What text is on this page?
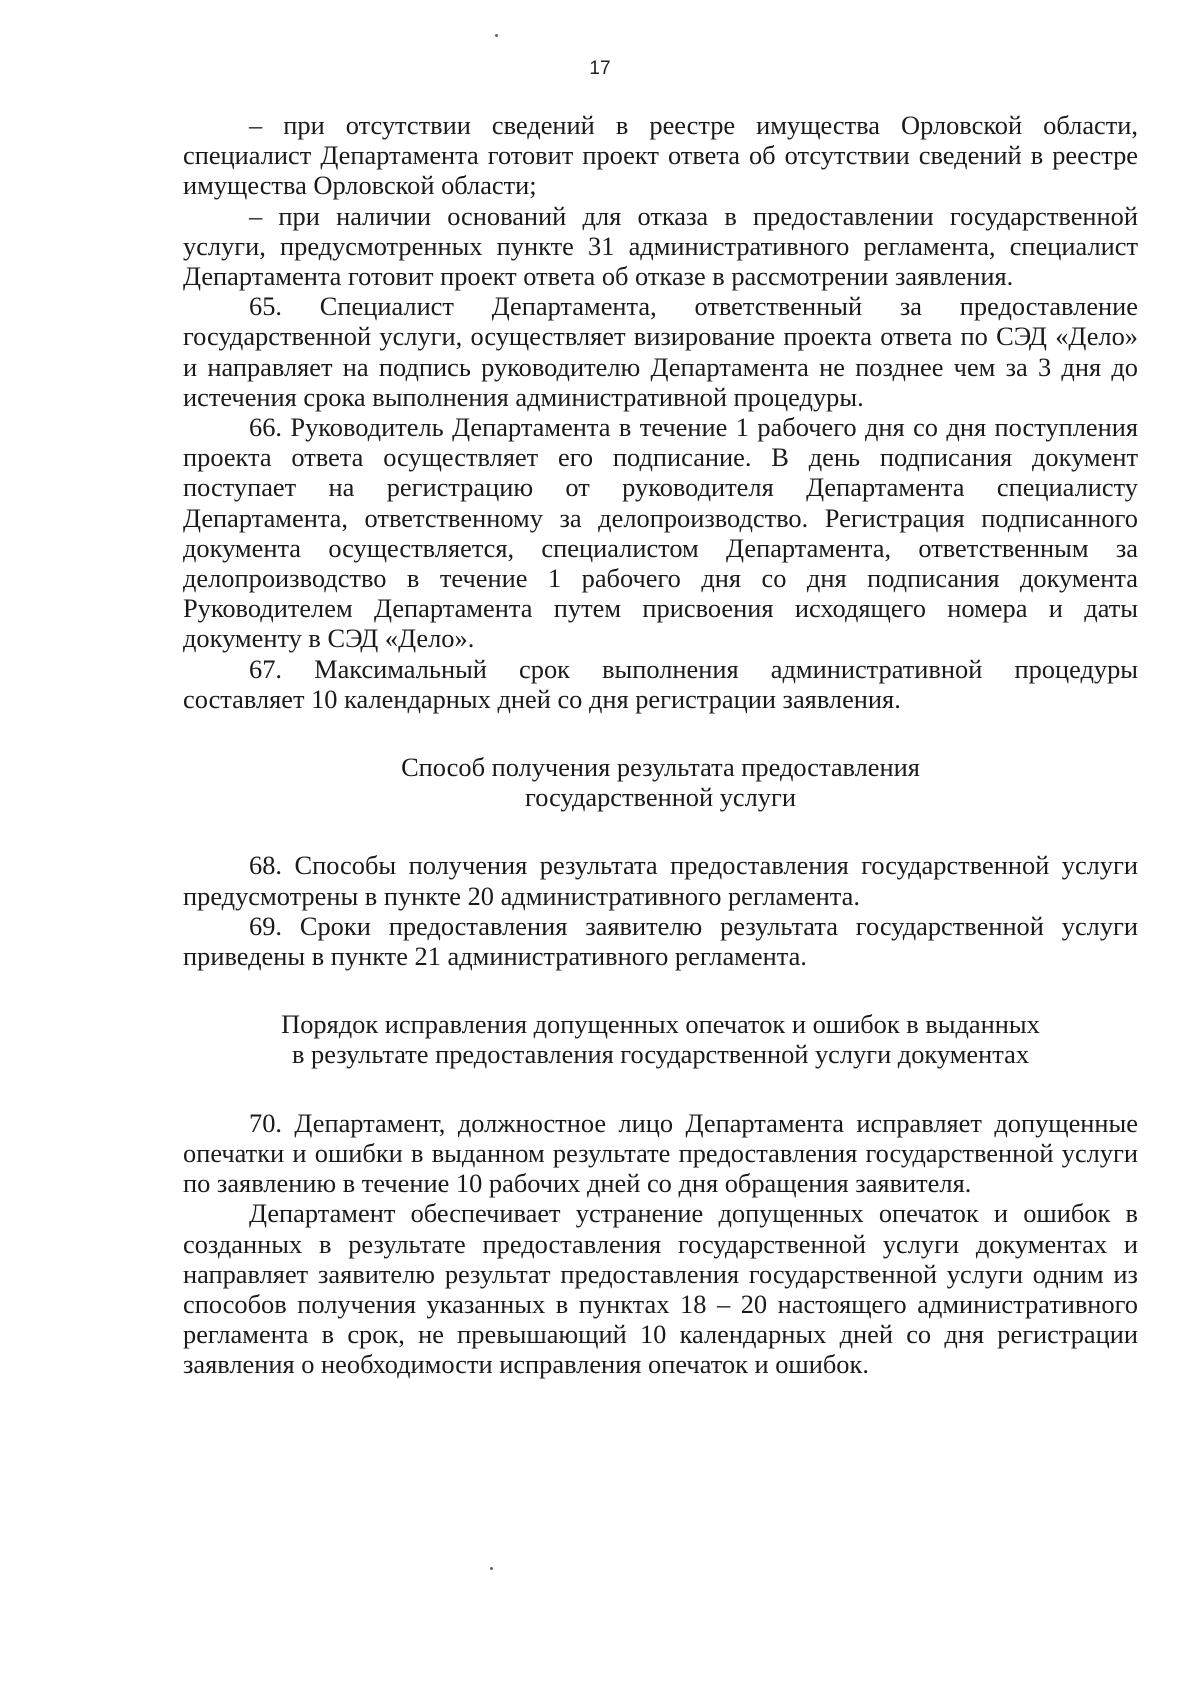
17

– при отсутствии сведений в реестре имущества Орловской области, специалист Департамента готовит проект ответа об отсутствии сведений в реестре имущества Орловской области;

– при наличии оснований для отказа в предоставлении государственной услуги, предусмотренных пункте 31 административного регламента, специалист Департамента готовит проект ответа об отказе в рассмотрении заявления.

65. Специалист Департамента, ответственный за предоставление государственной услуги, осуществляет визирование проекта ответа по СЭД «Дело» и направляет на подпись руководителю Департамента не позднее чем за 3 дня до истечения срока выполнения административной процедуры.

66. Руководитель Департамента в течение 1 рабочего дня со дня поступления проекта ответа осуществляет его подписание. В день подписания документ поступает на регистрацию от руководителя Департамента специалисту Департамента, ответственному за делопроизводство. Регистрация подписанного документа осуществляется, специалистом Департамента, ответственным за делопроизводство в течение 1 рабочего дня со дня подписания документа Руководителем Департамента путем присвоения исходящего номера и даты документу в СЭД «Дело».

67. Максимальный срок выполнения административной процедуры составляет 10 календарных дней со дня регистрации заявления.

Способ получения результата предоставления
государственной услуги

68. Способы получения результата предоставления государственной услуги предусмотрены в пункте 20 административного регламента.

69. Сроки предоставления заявителю результата государственной услуги приведены в пункте 21 административного регламента.

Порядок исправления допущенных опечаток и ошибок в выданных
в результате предоставления государственной услуги документах

70. Департамент, должностное лицо Департамента исправляет допущенные опечатки и ошибки в выданном результате предоставления государственной услуги по заявлению в течение 10 рабочих дней со дня обращения заявителя.

Департамент обеспечивает устранение допущенных опечаток и ошибок в созданных в результате предоставления государственной услуги документах и направляет заявителю результат предоставления государственной услуги одним из способов получения указанных в пунктах 18 – 20 настоящего административного регламента в срок, не превышающий 10 календарных дней со дня регистрации заявления о необходимости исправления опечаток и ошибок.
